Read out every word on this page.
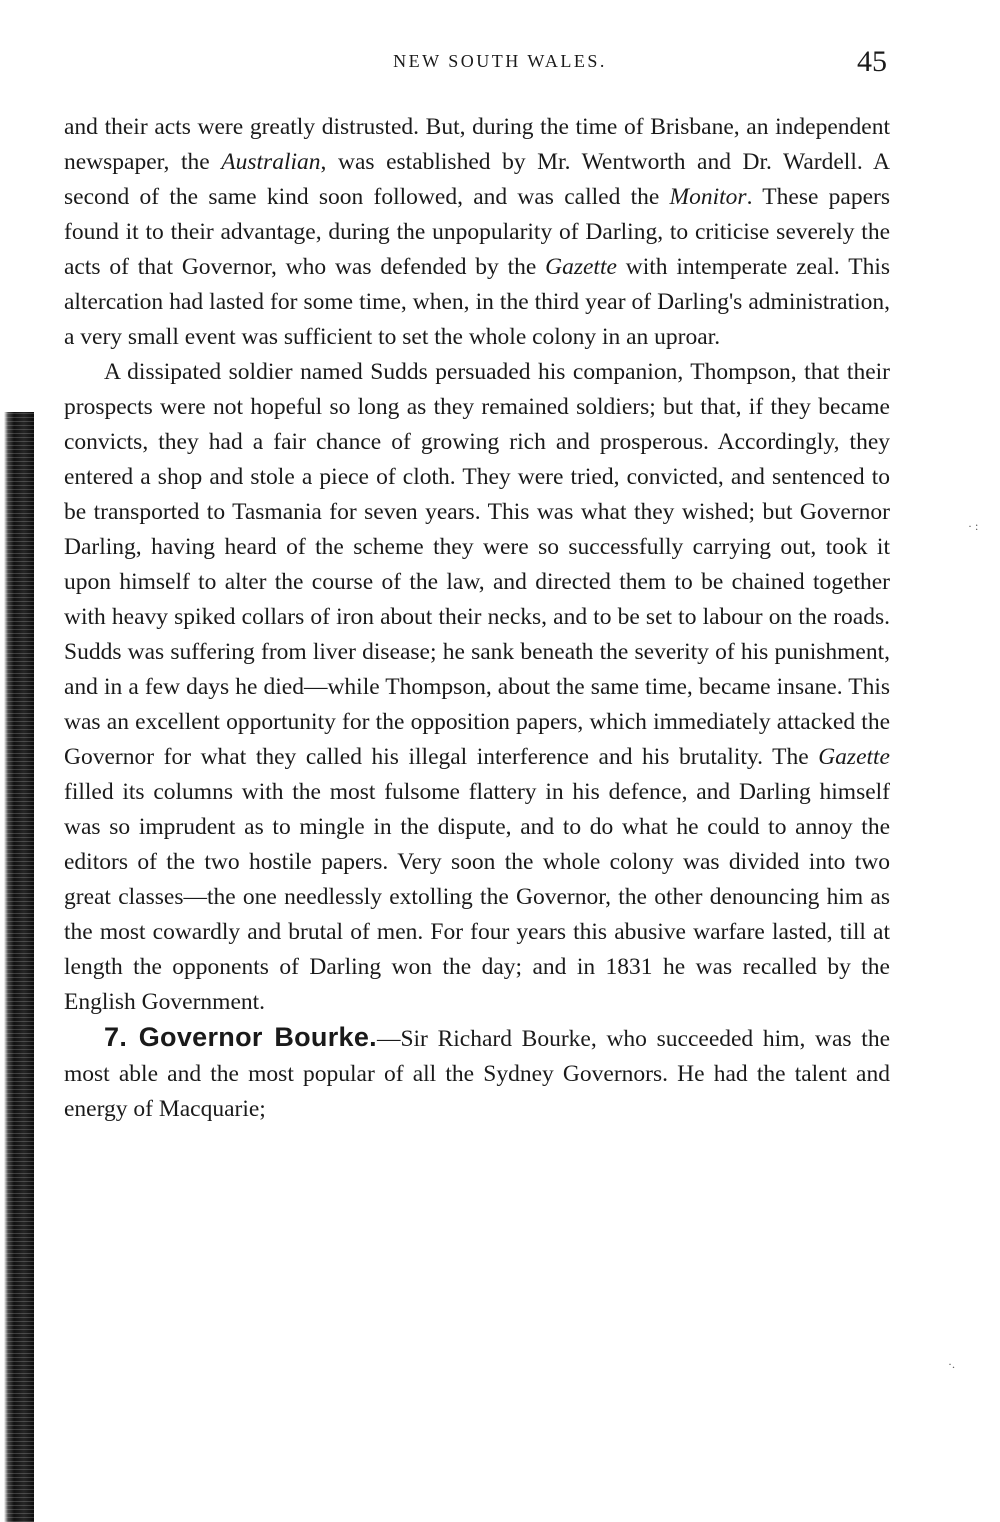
· :
·.
NEW SOUTH WALES.	45

and their acts were greatly distrusted. But, during the time of Brisbane, an independent newspaper, the Australian, was established by Mr. Wentworth and Dr. Wardell. A second of the same kind soon followed, and was called the Monitor. These papers found it to their advantage, during the unpopularity of Darling, to criticise severely the acts of that Governor, who was defended by the Gazette with intemperate zeal. This altercation had lasted for some time, when, in the third year of Darling's administration, a very small event was sufficient to set the whole colony in an uproar.

A dissipated soldier named Sudds persuaded his companion, Thompson, that their prospects were not hopeful so long as they remained soldiers; but that, if they became convicts, they had a fair chance of growing rich and prosperous. Accordingly, they entered a shop and stole a piece of cloth. They were tried, convicted, and sentenced to be transported to Tasmania for seven years. This was what they wished; but Governor Darling, having heard of the scheme they were so successfully carrying out, took it upon himself to alter the course of the law, and directed them to be chained together with heavy spiked collars of iron about their necks, and to be set to labour on the roads. Sudds was suffering from liver disease; he sank beneath the severity of his punishment, and in a few days he died—while Thompson, about the same time, became insane. This was an excellent opportunity for the opposition papers, which immediately attacked the Governor for what they called his illegal interference and his brutality. The Gazette filled its columns with the most fulsome flattery in his defence, and Darling himself was so imprudent as to mingle in the dispute, and to do what he could to annoy the editors of the two hostile papers. Very soon the whole colony was divided into two great classes—the one needlessly extolling the Governor, the other denouncing him as the most cowardly and brutal of men. For four years this abusive warfare lasted, till at length the opponents of Darling won the day; and in 1831 he was recalled by the English Government.

7. Governor Bourke.—Sir Richard Bourke, who succeeded him, was the most able and the most popular of all the Sydney Governors. He had the talent and energy of Macquarie;
